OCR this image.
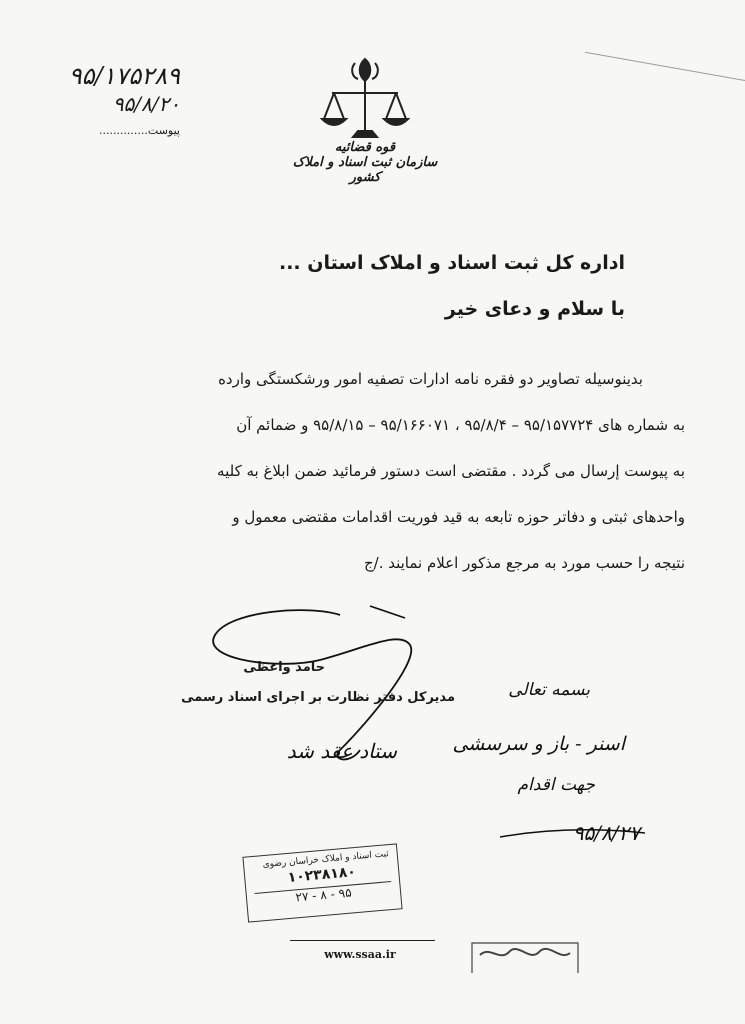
۹۵/۱۷۵۲۸۹
۹۵/۸/۲۰
پیوست..............
قوه قضائیه
سازمان ثبت اسناد و املاک کشور
اداره کل ثبت اسناد و املاک استان ...
با سلام و دعای خیر

بدینوسیله تصاویر دو فقره نامه ادارات تصفیه امور ورشکستگی وارده

به شماره های ۹۵/۱۵۷۷۲۴ – ۹۵/۸/۴ ، ۹۵/۱۶۶۰۷۱ – ۹۵/۸/۱۵ و ضمائم آن

به پیوست إرسال می گردد . مقتضی است دستور فرمائید ضمن ابلاغ به کلیه

واحدهای ثبتی و دفاتر حوزه تابعه به قید فوریت اقدامات مقتضی معمول و

نتیجه را حسب مورد به مرجع مذکور اعلام نمایند ./ج

حامد واعظی
مدیرکل دفتر نظارت بر اجرای اسناد رسمی
ستاد عقد شد
بسمه تعالی
اسنر - باز و سرسشی
جهت اقدام
۹۵/۸/۲۷
ثبت اسناد و املاک خراسان رضوی
۱۰۲۳۸۱۸۰
۹۵ - ۸ - ۲۷
www.ssaa.ir
